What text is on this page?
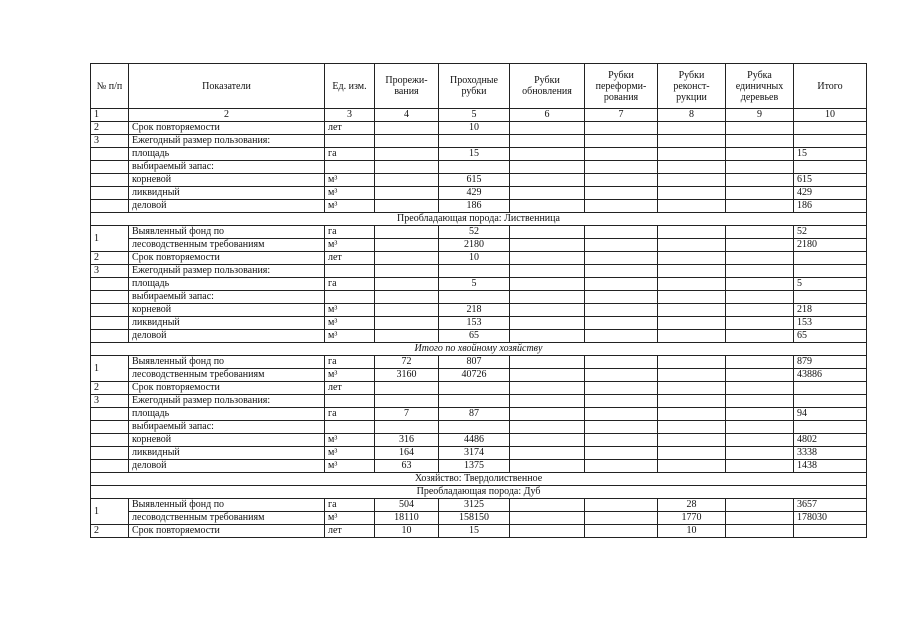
№ п/п	Показатели	Ед. изм.	Прорежи-вания	Проходные рубки	Рубки обновления	Рубки переформи-рования	Рубки реконст-рукции	Рубка единичных деревьев	Итого
1	2	3	4	5	6	7	8	9	10
2	Срок повторяемости	лет		10					
3	Ежегодный размер пользования:								
	площадь	га		15					15
	выбираемый запас:								
	корневой	м³		615					615
	ликвидный	м³		429					429
	деловой	м³		186					186
Преобладающая порода: Лиственница									
1	Выявленный фонд по	га		52					52
	лесоводственным требованиям	м³		2180					2180
2	Срок повторяемости	лет		10					
3	Ежегодный размер пользования:								
	площадь	га		5					5
	выбираемый запас:								
	корневой	м³		218					218
	ликвидный	м³		153					153
	деловой	м³		65					65
Итого по хвойному хозяйству									
1	Выявленный фонд по	га	72	807					879
	лесоводственным требованиям	м³	3160	40726					43886
2	Срок повторяемости	лет							
3	Ежегодный размер пользования:								
	площадь	га	7	87					94
	выбираемый запас:								
	корневой	м³	316	4486					4802
	ликвидный	м³	164	3174					3338
	деловой	м³	63	1375					1438
Хозяйство: Твердолиственное									
Преобладающая порода: Дуб									
1	Выявленный фонд по	га	504	3125			28		3657
	лесоводственным требованиям	м³	18110	158150			1770		178030
2	Срок повторяемости	лет	10	15			10		
